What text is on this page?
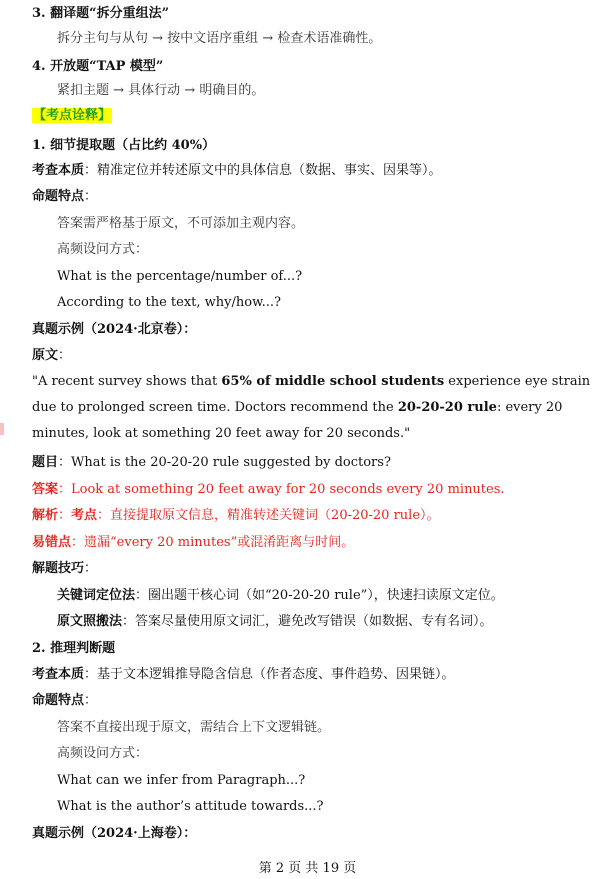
3. 翻译题“拆分重组法”
拆分主句与从句 → 按中文语序重组 → 检查术语准确性。
4. 开放题“TAP 模型”
紧扣主题 → 具体行动 → 明确目的。
【考点诠释】
1. 细节提取题（占比约 40%）
考查本质：精准定位并转述原文中的具体信息（数据、事实、因果等）。
命题特点：
答案需严格基于原文，不可添加主观内容。
高频设问方式：
What is the percentage/number of...?
According to the text, why/how...?
真题示例（2024·北京卷）：
原文：
"A recent survey shows that 65% of middle school students experience eye strain due to prolonged screen time. Doctors recommend the 20-20-20 rule: every 20 minutes, look at something 20 feet away for 20 seconds."
题目：What is the 20-20-20 rule suggested by doctors?
答案：Look at something 20 feet away for 20 seconds every 20 minutes.
解析：考点：直接提取原文信息，精准转述关键词（20-20-20 rule）。
易错点：遗漏“every 20 minutes”或混淆距离与时间。
解题技巧：
关键词定位法：圈出题干核心词（如“20-20-20 rule”），快速扫读原文定位。
原文照搬法：答案尽量使用原文词汇，避免改写错误（如数据、专有名词）。
2. 推理判断题
考查本质：基于文本逻辑推导隐含信息（作者态度、事件趋势、因果链）。
命题特点：
答案不直接出现于原文，需结合上下文逻辑链。
高频设问方式：
What can we infer from Paragraph...?
What is the author’s attitude towards...?
真题示例（2024·上海卷）：
第 2 页 共 19 页
